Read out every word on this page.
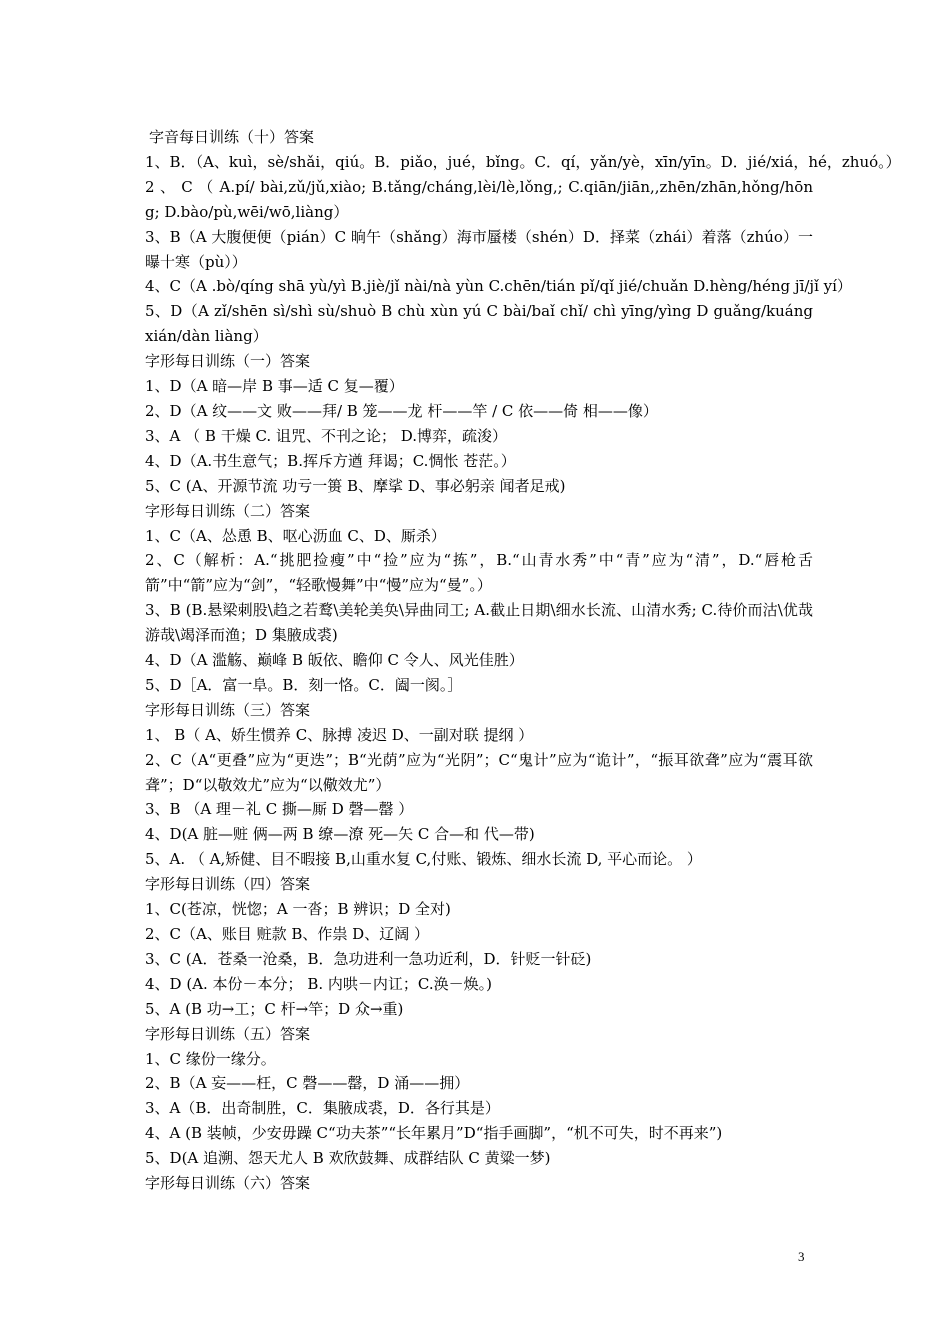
字音每日训练（十）答案
1、B．（A、kuì，sè/shǎi，qiú。B．piǎo，jué，bǐng。C．qí，yǎn/yè，xīn/yīn。D．jié/xiá，hé，zhuó。）
2 、 C （ A.pí/ bài,zǔ/jǔ,xiào; B.tǎng/cháng,lèi/lè,lǒng,; C.qiān/jiān,,zhēn/zhān,hǒng/hōng; D.bào/pù,wēi/wō,liàng）
3、B（A 大腹便便（pián）C 晌午（shǎng）海市蜃楼（shén）D．择菜（zhái）着落（zhúo）一曝十寒（pù））
4、C（A .bò/qíng shā yù/yì B.jiè/jǐ nài/nà yùn C.chēn/tián pǐ/qǐ jié/chuǎn D.hèng/héng jī/jǐ yí）
5、D（A zǐ/shēn sì/shì sù/shuò B chù xùn yú C bài/baǐ chǐ/ chì yīng/yìng D guǎng/kuáng xián/dàn liàng）
字形每日训练（一）答案
1、D（A 暗—岸 B 事—适 C 复—覆）
2、D（A 纹——文 败——拜/ B 笼——龙 杆——竿 / C 依——倚 相——像）
3、A （ B 干燥 C. 诅咒、不刊之论； D.博弈，疏浚）
4、D（A.书生意气；B.挥斥方遒 拜谒；C.惆怅 苍茫。）
5、C (A、开源节流 功亏一篑 B、摩挲 D、事必躬亲 闻者足戒)
字形每日训练（二）答案
1、C（A、怂恿 B、呕心沥血 C、D、厮杀）
2、C（解析：A.“挑肥捡瘦”中“捡”应为“拣”，B.“山青水秀”中“青”应为“清”，D.“唇枪舌箭”中“箭”应为“剑”，“轻歌慢舞”中“慢”应为“曼”。）
3、B (B.悬梁刺股\趋之若鹜\美轮美奂\异曲同工; A.截止日期\细水长流、山清水秀; C.待价而沽\优哉游哉\竭泽而渔；D 集腋成裘)
4、D（A 滥觞、巅峰 B 皈依、瞻仰 C 令人、风光佳胜）
5、D［A．富一阜。B．刻一恪。C．阖一阂。］
字形每日训练（三）答案
1、 B（ A、娇生惯养 C、脉搏 凌迟 D、一副对联 提纲 ）
2、C（A“更叠”应为“更迭”；B“光荫”应为“光阴”；C“鬼计”应为“诡计”，“振耳欲聋”应为“震耳欲聋”；D“以敬效尤”应为“以儆效尤”）
3、B （A 理－礼 C 撕—厮 D 磬—罄 ）
4、D(A 脏—赃 俩—两 B 缭—潦 死—矢 C 合—和 代—带)
5、A. （ A,矫健、目不暇接 B,山重水复 C,付账、锻炼、细水长流 D, 平心而论。 ）
字形每日训练（四）答案
1、C(苍凉，恍惚；A 一沓；B 辨识；D 全对)
2、C（A、账目 赃款 B、作祟 D、辽阔 ）
3、C (A．苍桑一沧桑，B．急功进利一急功近利，D．针贬一针砭)
4、D (A. 本份－本分； B. 内哄－内讧；C.涣－焕。)
5、A (B 功→工；C 杆→竿；D 众→重)
字形每日训练（五）答案
1、C 缘份一缘分。
2、B（A 妄——枉，C 磬——罄，D 涌——拥）
3、A（B．出奇制胜，C．集腋成裘，D．各行其是）
4、A (B 装帧，少安毋躁 C“功夫茶”“长年累月”D“指手画脚”，“机不可失，时不再来”)
5、D(A 追溯、怨天尤人 B 欢欣鼓舞、成群结队 C 黄粱一梦)
字形每日训练（六）答案
3
